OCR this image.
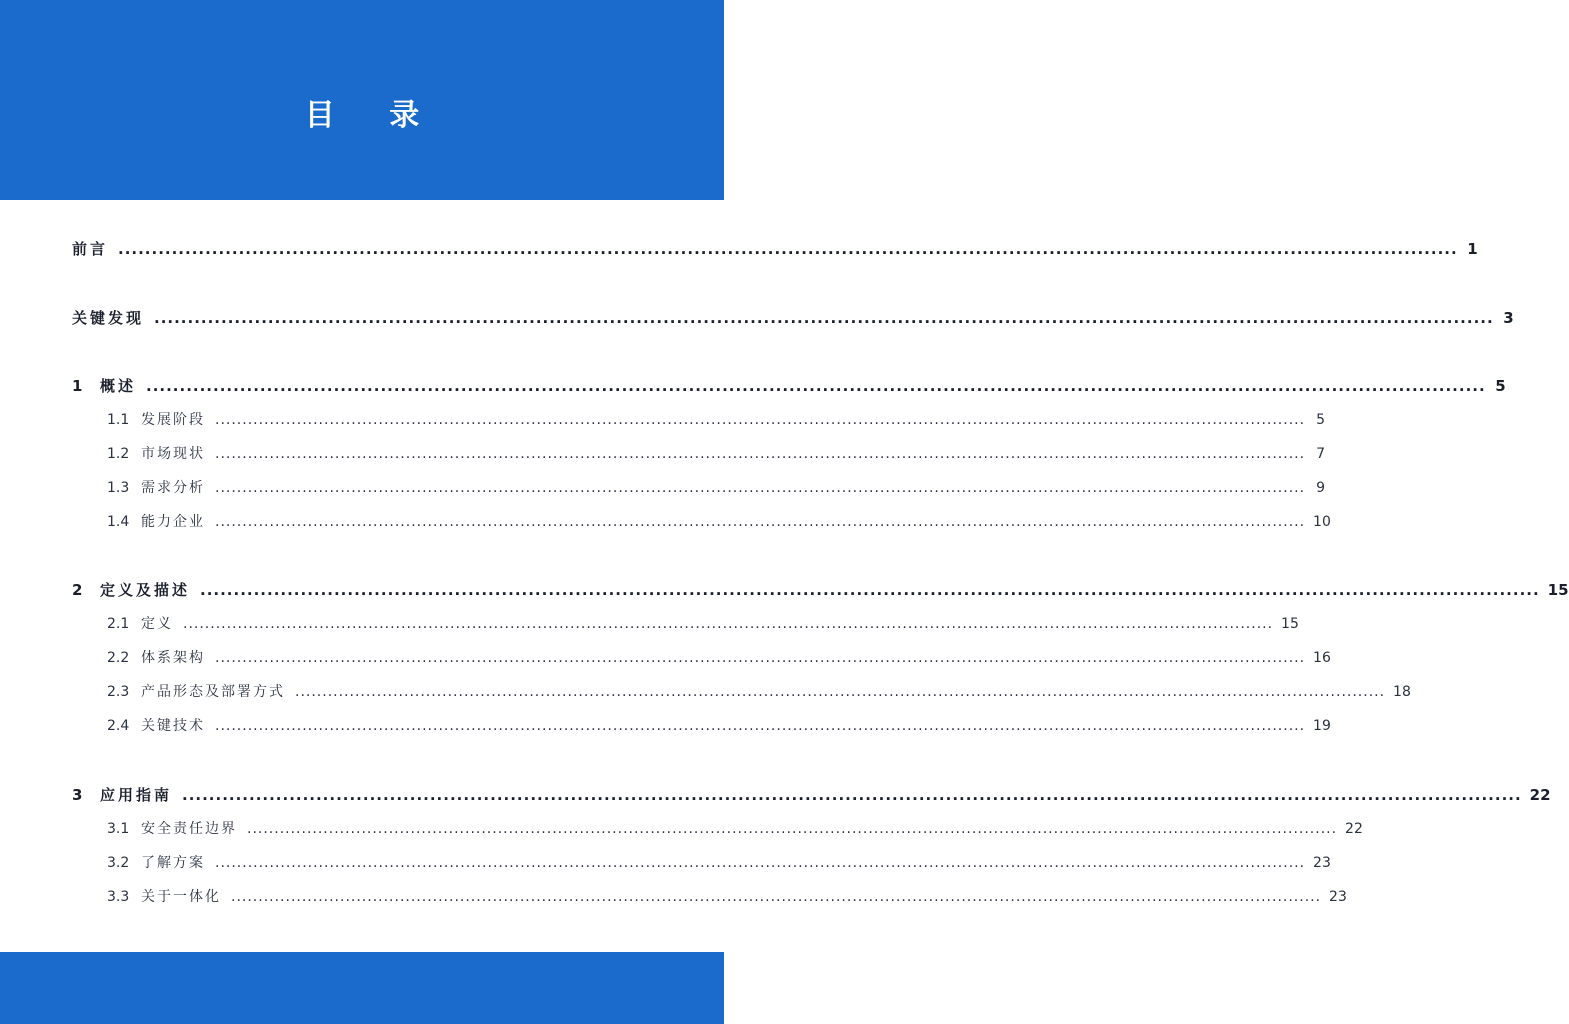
目 录
前言 ........................................................................................................................................................................................................ 1
关键发现 ........................................................................................................................................................................................................ 3
1	概述 ........................................................................................................................................................................................................ 5
1.1 发展阶段 ........................................................................................................................................................................................................ 5
1.2 市场现状 ........................................................................................................................................................................................................ 7
1.3 需求分析 ........................................................................................................................................................................................................ 9
1.4 能力企业 ........................................................................................................................................................................................................ 10
2	定义及描述 ........................................................................................................................................................................................................ 15
2.1 定义 ........................................................................................................................................................................................................ 15
2.2 体系架构 ........................................................................................................................................................................................................ 16
2.3 产品形态及部署方式 ........................................................................................................................................................................................................ 18
2.4 关键技术 ........................................................................................................................................................................................................ 19
3	应用指南 ........................................................................................................................................................................................................ 22
3.1 安全责任边界 ........................................................................................................................................................................................................ 22
3.2 了解方案 ........................................................................................................................................................................................................ 23
3.3 关于一体化 ........................................................................................................................................................................................................ 23
